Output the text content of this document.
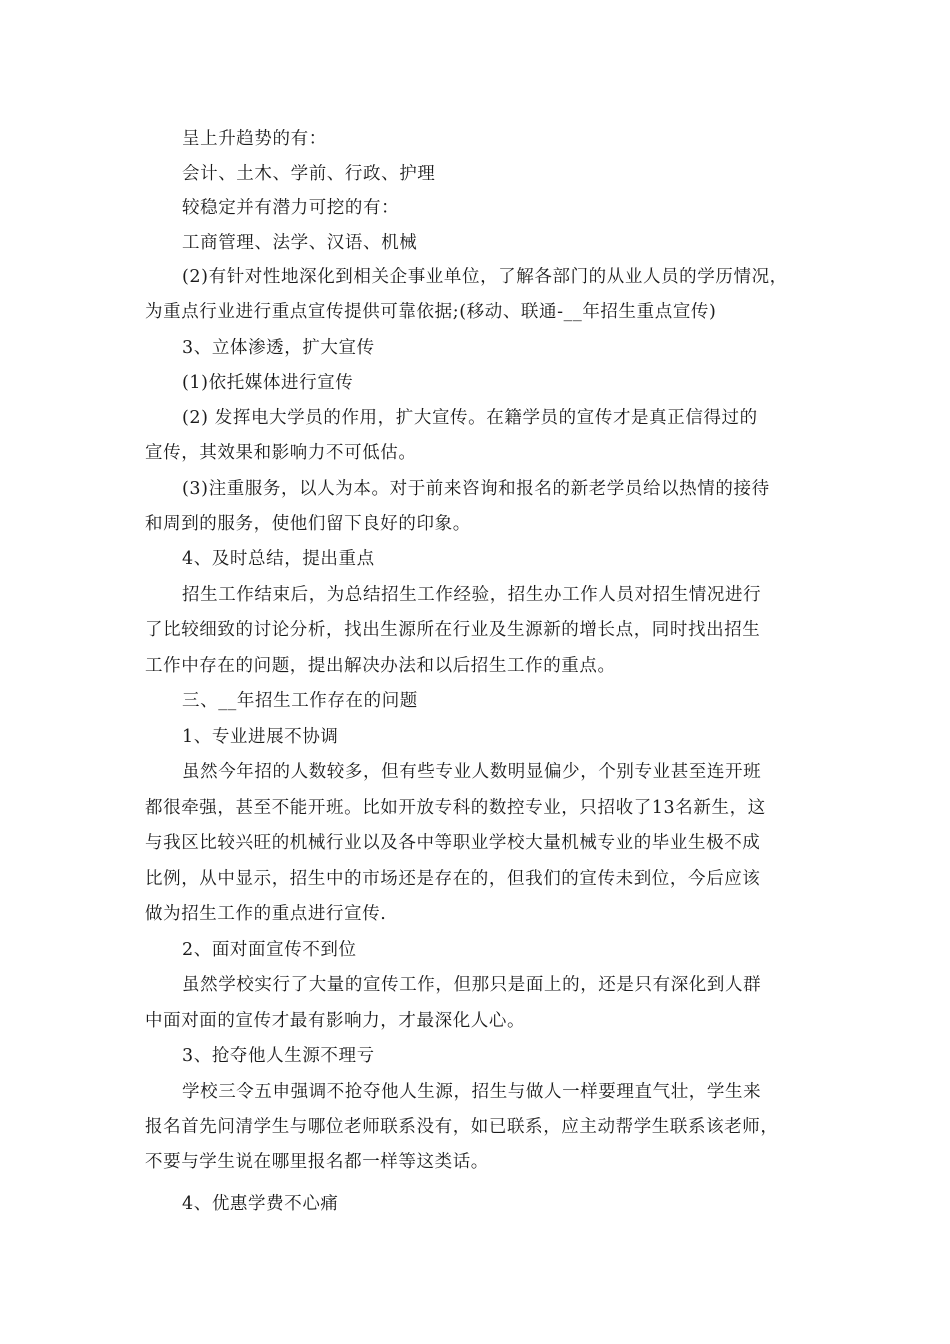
呈上升趋势的有：
会计、土木、学前、行政、护理
较稳定并有潜力可挖的有：
工商管理、法学、汉语、机械
(2)有针对性地深化到相关企事业单位，了解各部门的从业人员的学历情况，
为重点行业进行重点宣传提供可靠依据;(移动、联通-__年招生重点宣传)
3、立体渗透，扩大宣传
(1)依托媒体进行宣传
(2) 发挥电大学员的作用，扩大宣传。在籍学员的宣传才是真正信得过的
宣传，其效果和影响力不可低估。
(3)注重服务，以人为本。对于前来咨询和报名的新老学员给以热情的接待
和周到的服务，使他们留下良好的印象。
4、及时总结，提出重点
招生工作结束后，为总结招生工作经验，招生办工作人员对招生情况进行
了比较细致的讨论分析，找出生源所在行业及生源新的增长点，同时找出招生
工作中存在的问题，提出解决办法和以后招生工作的重点。
三、__年招生工作存在的问题
1、专业进展不协调
虽然今年招的人数较多，但有些专业人数明显偏少，个别专业甚至连开班
都很牵强，甚至不能开班。比如开放专科的数控专业，只招收了13名新生，这
与我区比较兴旺的机械行业以及各中等职业学校大量机械专业的毕业生极不成
比例，从中显示，招生中的市场还是存在的，但我们的宣传未到位，今后应该
做为招生工作的重点进行宣传.
2、面对面宣传不到位
虽然学校实行了大量的宣传工作，但那只是面上的，还是只有深化到人群
中面对面的宣传才最有影响力，才最深化人心。
3、抢夺他人生源不理亏
学校三令五申强调不抢夺他人生源，招生与做人一样要理直气壮，学生来
报名首先问清学生与哪位老师联系没有，如已联系，应主动帮学生联系该老师，
不要与学生说在哪里报名都一样等这类话。
4、优惠学费不心痛
